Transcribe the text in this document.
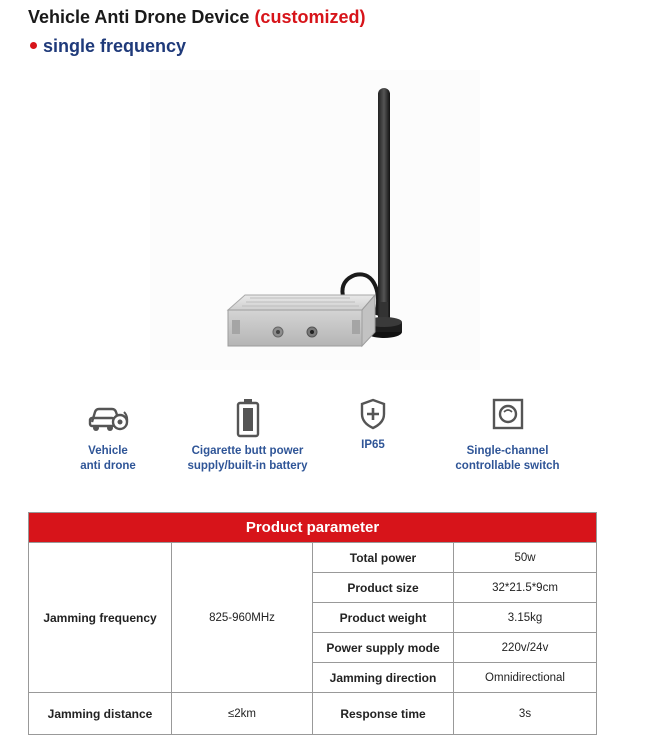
Vehicle Anti Drone Device (customized)
single frequency
Vehicle
anti drone
Cigarette butt power
supply/built-in battery
IP65	Single-channel
controllable switch
Product parameter			
Jamming frequency	825-960MHz	Total power	50w
		Product size	32*21.5*9cm
		Product weight	3.15kg
		Power supply mode	220v/24v
		Jamming direction	Omnidirectional
Jamming distance	≤2km	Response time	3s
